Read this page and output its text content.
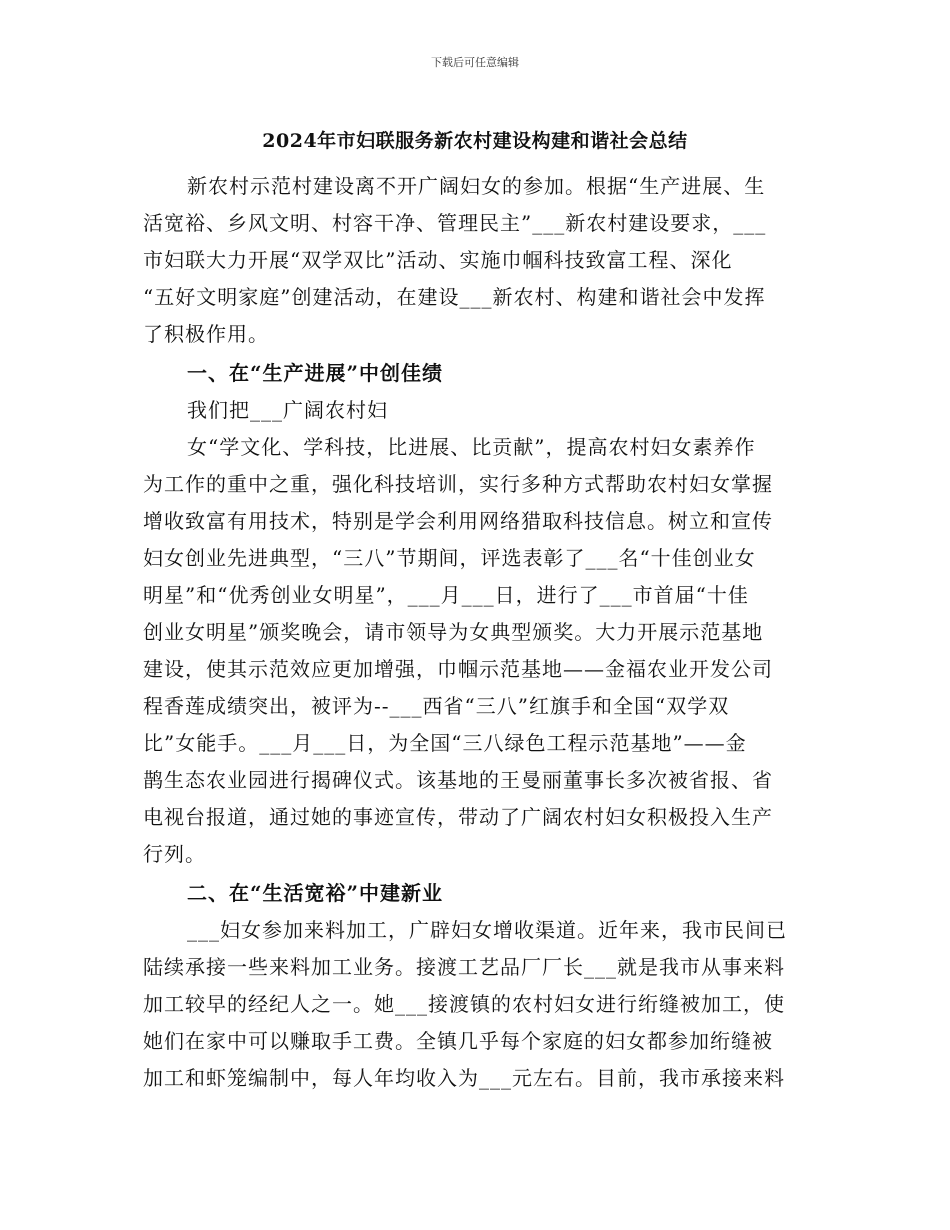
下载后可任意编辑
2024年市妇联服务新农村建设构建和谐社会总结
新农村示范村建设离不开广阔妇女的参加。根据“生产进展、生
活宽裕、乡风文明、村容干净、管理民主”___新农村建设要求，___
市妇联大力开展“双学双比”活动、实施巾帼科技致富工程、深化
“五好文明家庭”创建活动，在建设___新农村、构建和谐社会中发挥
了积极作用。
一、在“生产进展”中创佳绩
我们把___广阔农村妇
女“学文化、学科技，比进展、比贡献”，提高农村妇女素养作
为工作的重中之重，强化科技培训，实行多种方式帮助农村妇女掌握
增收致富有用技术，特别是学会利用网络猎取科技信息。树立和宣传
妇女创业先进典型，“三八”节期间，评选表彰了___名“十佳创业女
明星”和“优秀创业女明星”，___月___日，进行了___市首届“十佳
创业女明星”颁奖晚会，请市领导为女典型颁奖。大力开展示范基地
建设，使其示范效应更加增强，巾帼示范基地——金福农业开发公司
程香莲成绩突出，被评为--___西省“三八”红旗手和全国“双学双
比”女能手。___月___日，为全国“三八绿色工程示范基地”——金
鹊生态农业园进行揭碑仪式。该基地的王曼丽董事长多次被省报、省
电视台报道，通过她的事迹宣传，带动了广阔农村妇女积极投入生产
行列。
二、在“生活宽裕”中建新业
___妇女参加来料加工，广辟妇女增收渠道。近年来，我市民间已
陆续承接一些来料加工业务。接渡工艺品厂厂长___就是我市从事来料
加工较早的经纪人之一。她___接渡镇的农村妇女进行绗缝被加工，使
她们在家中可以赚取手工费。全镇几乎每个家庭的妇女都参加绗缝被
加工和虾笼编制中，每人年均收入为___元左右。目前，我市承接来料
